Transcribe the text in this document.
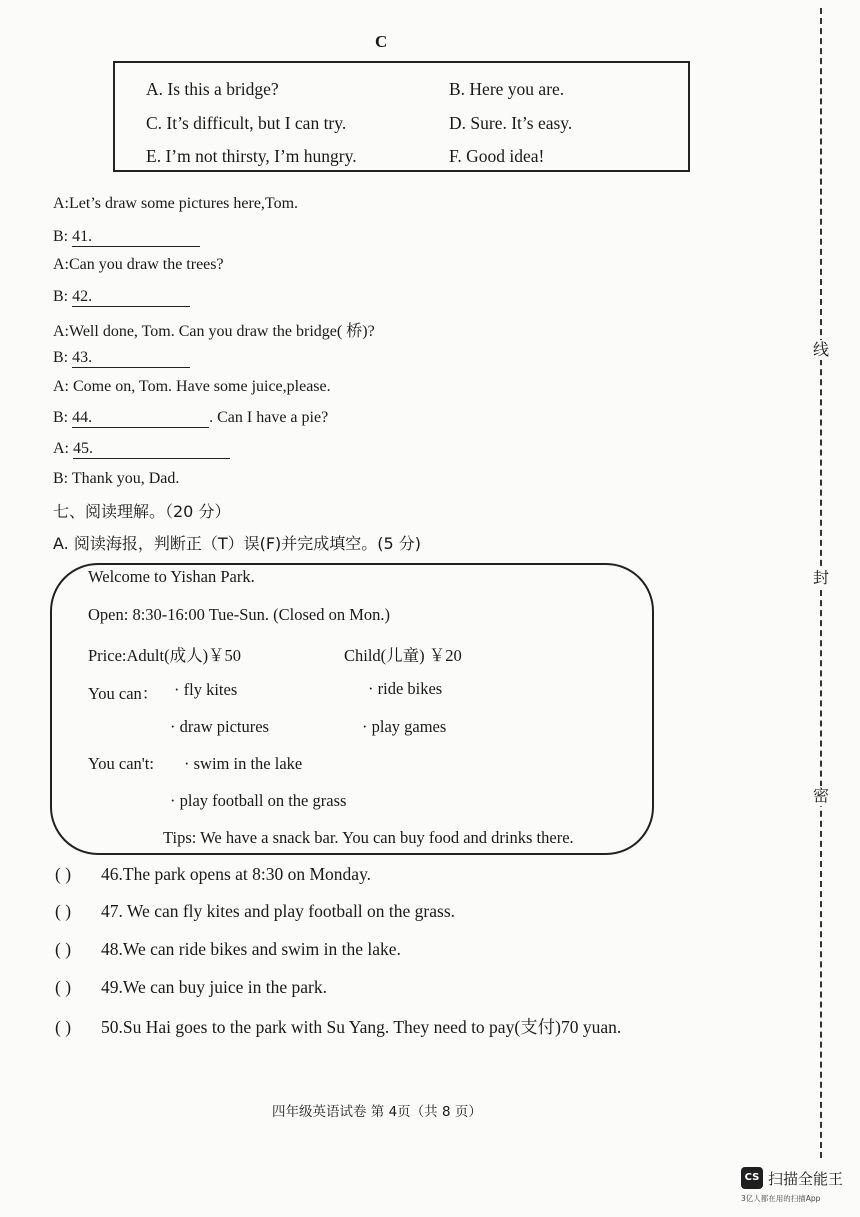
C
A. Is this a bridge?	B. Here you are.
C. It’s difficult, but I can try.	D. Sure. It’s easy.
E. I’m not thirsty, I’m hungry.	F. Good idea!
A:Let’s draw some pictures here,Tom.
B: 41.
A:Can you draw the trees?
B: 42.
A:Well done, Tom. Can you draw the bridge( 桥)?
B: 43.
A: Come on, Tom. Have some juice,please.
B: 44.	. Can I have a pie?
A: 45.
B: Thank you, Dad.
七、阅读理解。（20 分）
A. 阅读海报，判断正（T）误(F)并完成填空。(5 分)
Welcome to Yishan Park.
Open: 8:30-16:00 Tue-Sun. (Closed on Mon.)
Price:Adult(成人)￥50	Child(儿童) ￥20
You can： · fly kites	· ride bikes
· draw pictures	· play games
You can't: · swim in the lake
· play football on the grass
Tips: We have a snack bar. You can buy food and drinks there.
( ) 46.The park opens at 8:30 on Monday.
( ) 47. We can fly kites and play football on the grass.
( ) 48.We can ride bikes and swim in the lake.
( ) 49.We can buy juice in the park.
( ) 50.Su Hai goes to the park with Su Yang. They need to pay(支付)70 yuan.
四年级英语试卷 第 4页（共 8 页）
线
封
密
CS 扫描全能王
3亿人都在用的扫描App
